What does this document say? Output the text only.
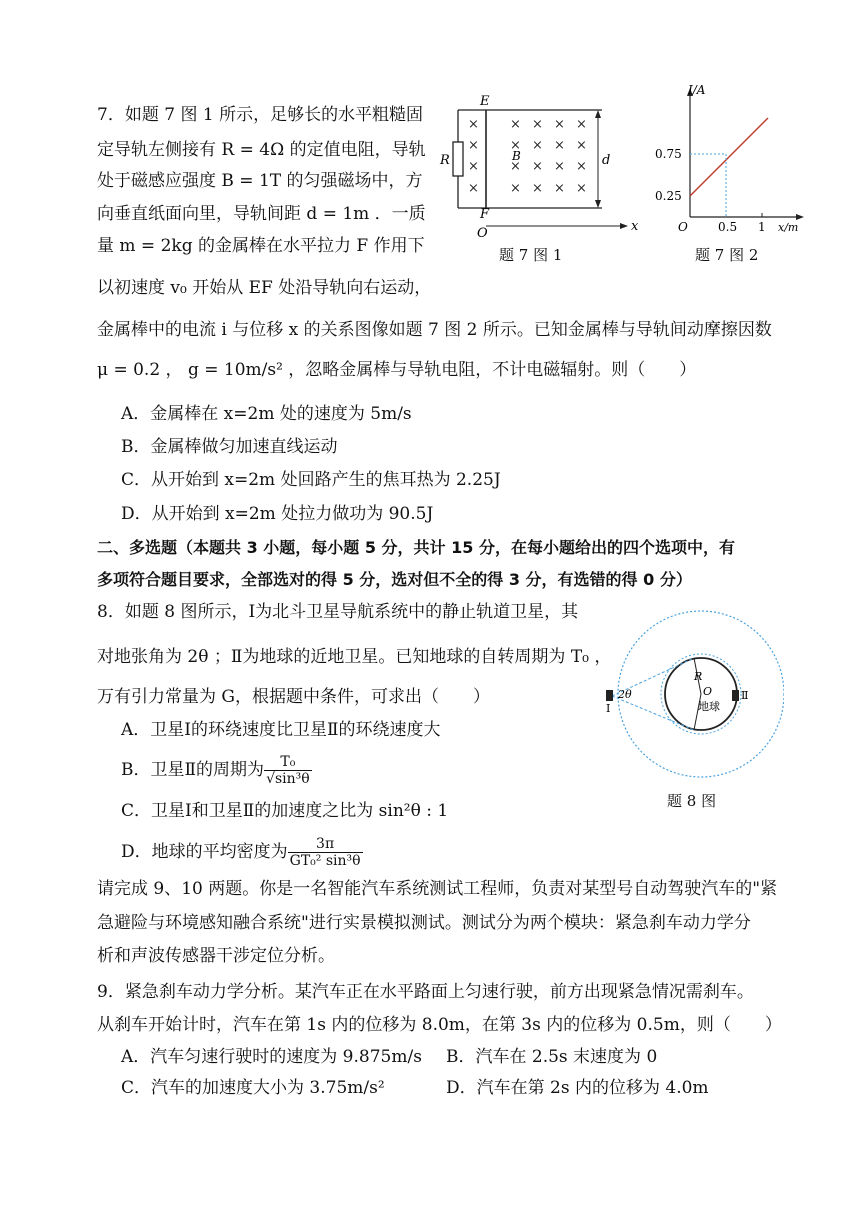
7．如题 7 图 1 所示，足够长的水平粗糙固
定导轨左侧接有 R = 4Ω 的定值电阻，导轨
处于磁感应强度 B = 1T 的匀强磁场中，方
向垂直纸面向里，导轨间距 d = 1m ．一质
量 m = 2kg 的金属棒在水平拉力 F 作用下
以初速度 v₀ 开始从 EF 处沿导轨向右运动，
金属棒中的电流 i 与位移 x 的关系图像如题 7 图 2 所示。已知金属棒与导轨间动摩擦因数
μ = 0.2 ， g = 10m/s² ，忽略金属棒与导轨电阻，不计电磁辐射。则（　　）
A．金属棒在 x=2m 处的速度为 5m/s
B．金属棒做匀加速直线运动
C．从开始到 x=2m 处回路产生的焦耳热为 2.25J
D．从开始到 x=2m 处拉力做功为 90.5J
× × × × ×
× × × × ×
× × × × ×
× × × × ×
E
F
O	x
R	B	d
题 7 图 1
I/A
x/m
0.75
0.25
0.5 1
O
题 7 图 2
二、多选题（本题共 3 小题，每小题 5 分，共计 15 分，在每小题给出的四个选项中，有
多项符合题目要求，全部选对的得 5 分，选对但不全的得 3 分，有选错的得 0 分）
8．如题 8 图所示，Ⅰ为北斗卫星导航系统中的静止轨道卫星，其
对地张角为 2θ ；Ⅱ为地球的近地卫星。已知地球的自转周期为 T₀ ，
万有引力常量为 G，根据题中条件，可求出（　　）
A．卫星Ⅰ的环绕速度比卫星Ⅱ的环绕速度大
B．卫星Ⅱ的周期为 $\frac{\text{T₀}}{\text{√sin³θ}}$
C．卫星Ⅰ和卫星Ⅱ的加速度之比为 sin²θ : 1
D．地球的平均密度为 $\frac{3\pi}{\text{GT₀² sin³θ}}$
Ⅰ
Ⅱ
2θ
R
O
地球
题 8 图
请完成 9、10 两题。你是一名智能汽车系统测试工程师，负责对某型号自动驾驶汽车的"紧
急避险与环境感知融合系统"进行实景模拟测试。测试分为两个模块：紧急刹车动力学分
析和声波传感器干涉定位分析。
9．紧急刹车动力学分析。某汽车正在水平路面上匀速行驶，前方出现紧急情况需刹车。
从刹车开始计时，汽车在第 1s 内的位移为 8.0m，在第 3s 内的位移为 0.5m，则（　　）
A．汽车匀速行驶时的速度为 9.875m/s B．汽车在 2.5s 末速度为 0
C．汽车的加速度大小为 3.75m/s²	D．汽车在第 2s 内的位移为 4.0m
